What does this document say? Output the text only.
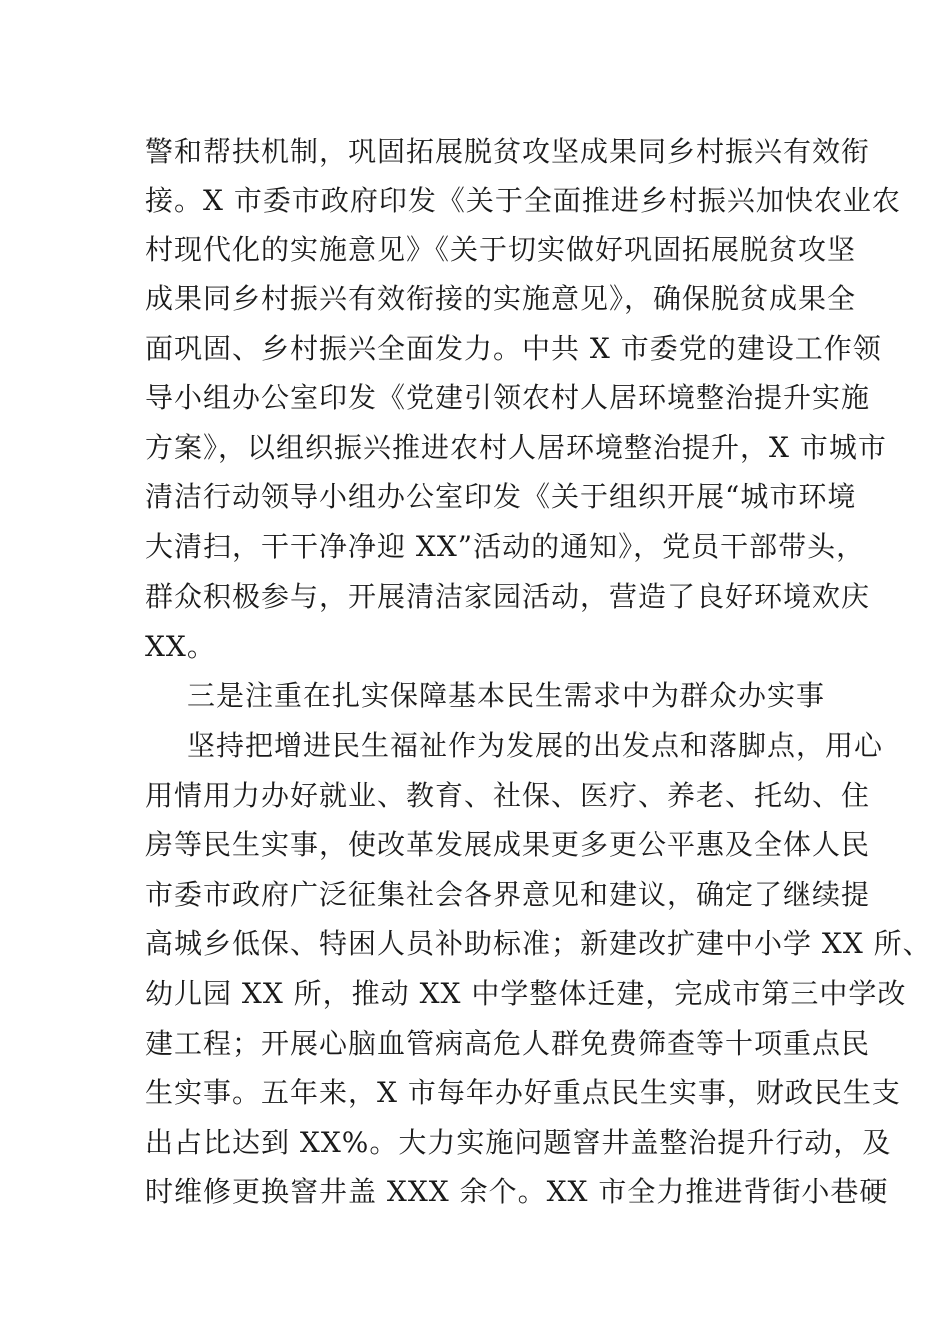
警和帮扶机制，巩固拓展脱贫攻坚成果同乡村振兴有效衔
接。X 市委市政府印发《关于全面推进乡村振兴加快农业农
村现代化的实施意见》《关于切实做好巩固拓展脱贫攻坚
成果同乡村振兴有效衔接的实施意见》，确保脱贫成果全
面巩固、乡村振兴全面发力。中共 X 市委党的建设工作领
导小组办公室印发《党建引领农村人居环境整治提升实施
方案》，以组织振兴推进农村人居环境整治提升，X 市城市
清洁行动领导小组办公室印发《关于组织开展“城市环境
大清扫，干干净净迎 XX”活动的通知》，党员干部带头，
群众积极参与，开展清洁家园活动，营造了良好环境欢庆
XX。
三是注重在扎实保障基本民生需求中为群众办实事
坚持把增进民生福祉作为发展的出发点和落脚点，用心
用情用力办好就业、教育、社保、医疗、养老、托幼、住
房等民生实事，使改革发展成果更多更公平惠及全体人民
市委市政府广泛征集社会各界意见和建议，确定了继续提
高城乡低保、特困人员补助标准；新建改扩建中小学 XX 所、
幼儿园 XX 所，推动 XX 中学整体迁建，完成市第三中学改
建工程；开展心脑血管病高危人群免费筛查等十项重点民
生实事。五年来，X 市每年办好重点民生实事，财政民生支
出占比达到 XX%。大力实施问题窨井盖整治提升行动，及
时维修更换窨井盖 XXX 余个。XX 市全力推进背街小巷硬
